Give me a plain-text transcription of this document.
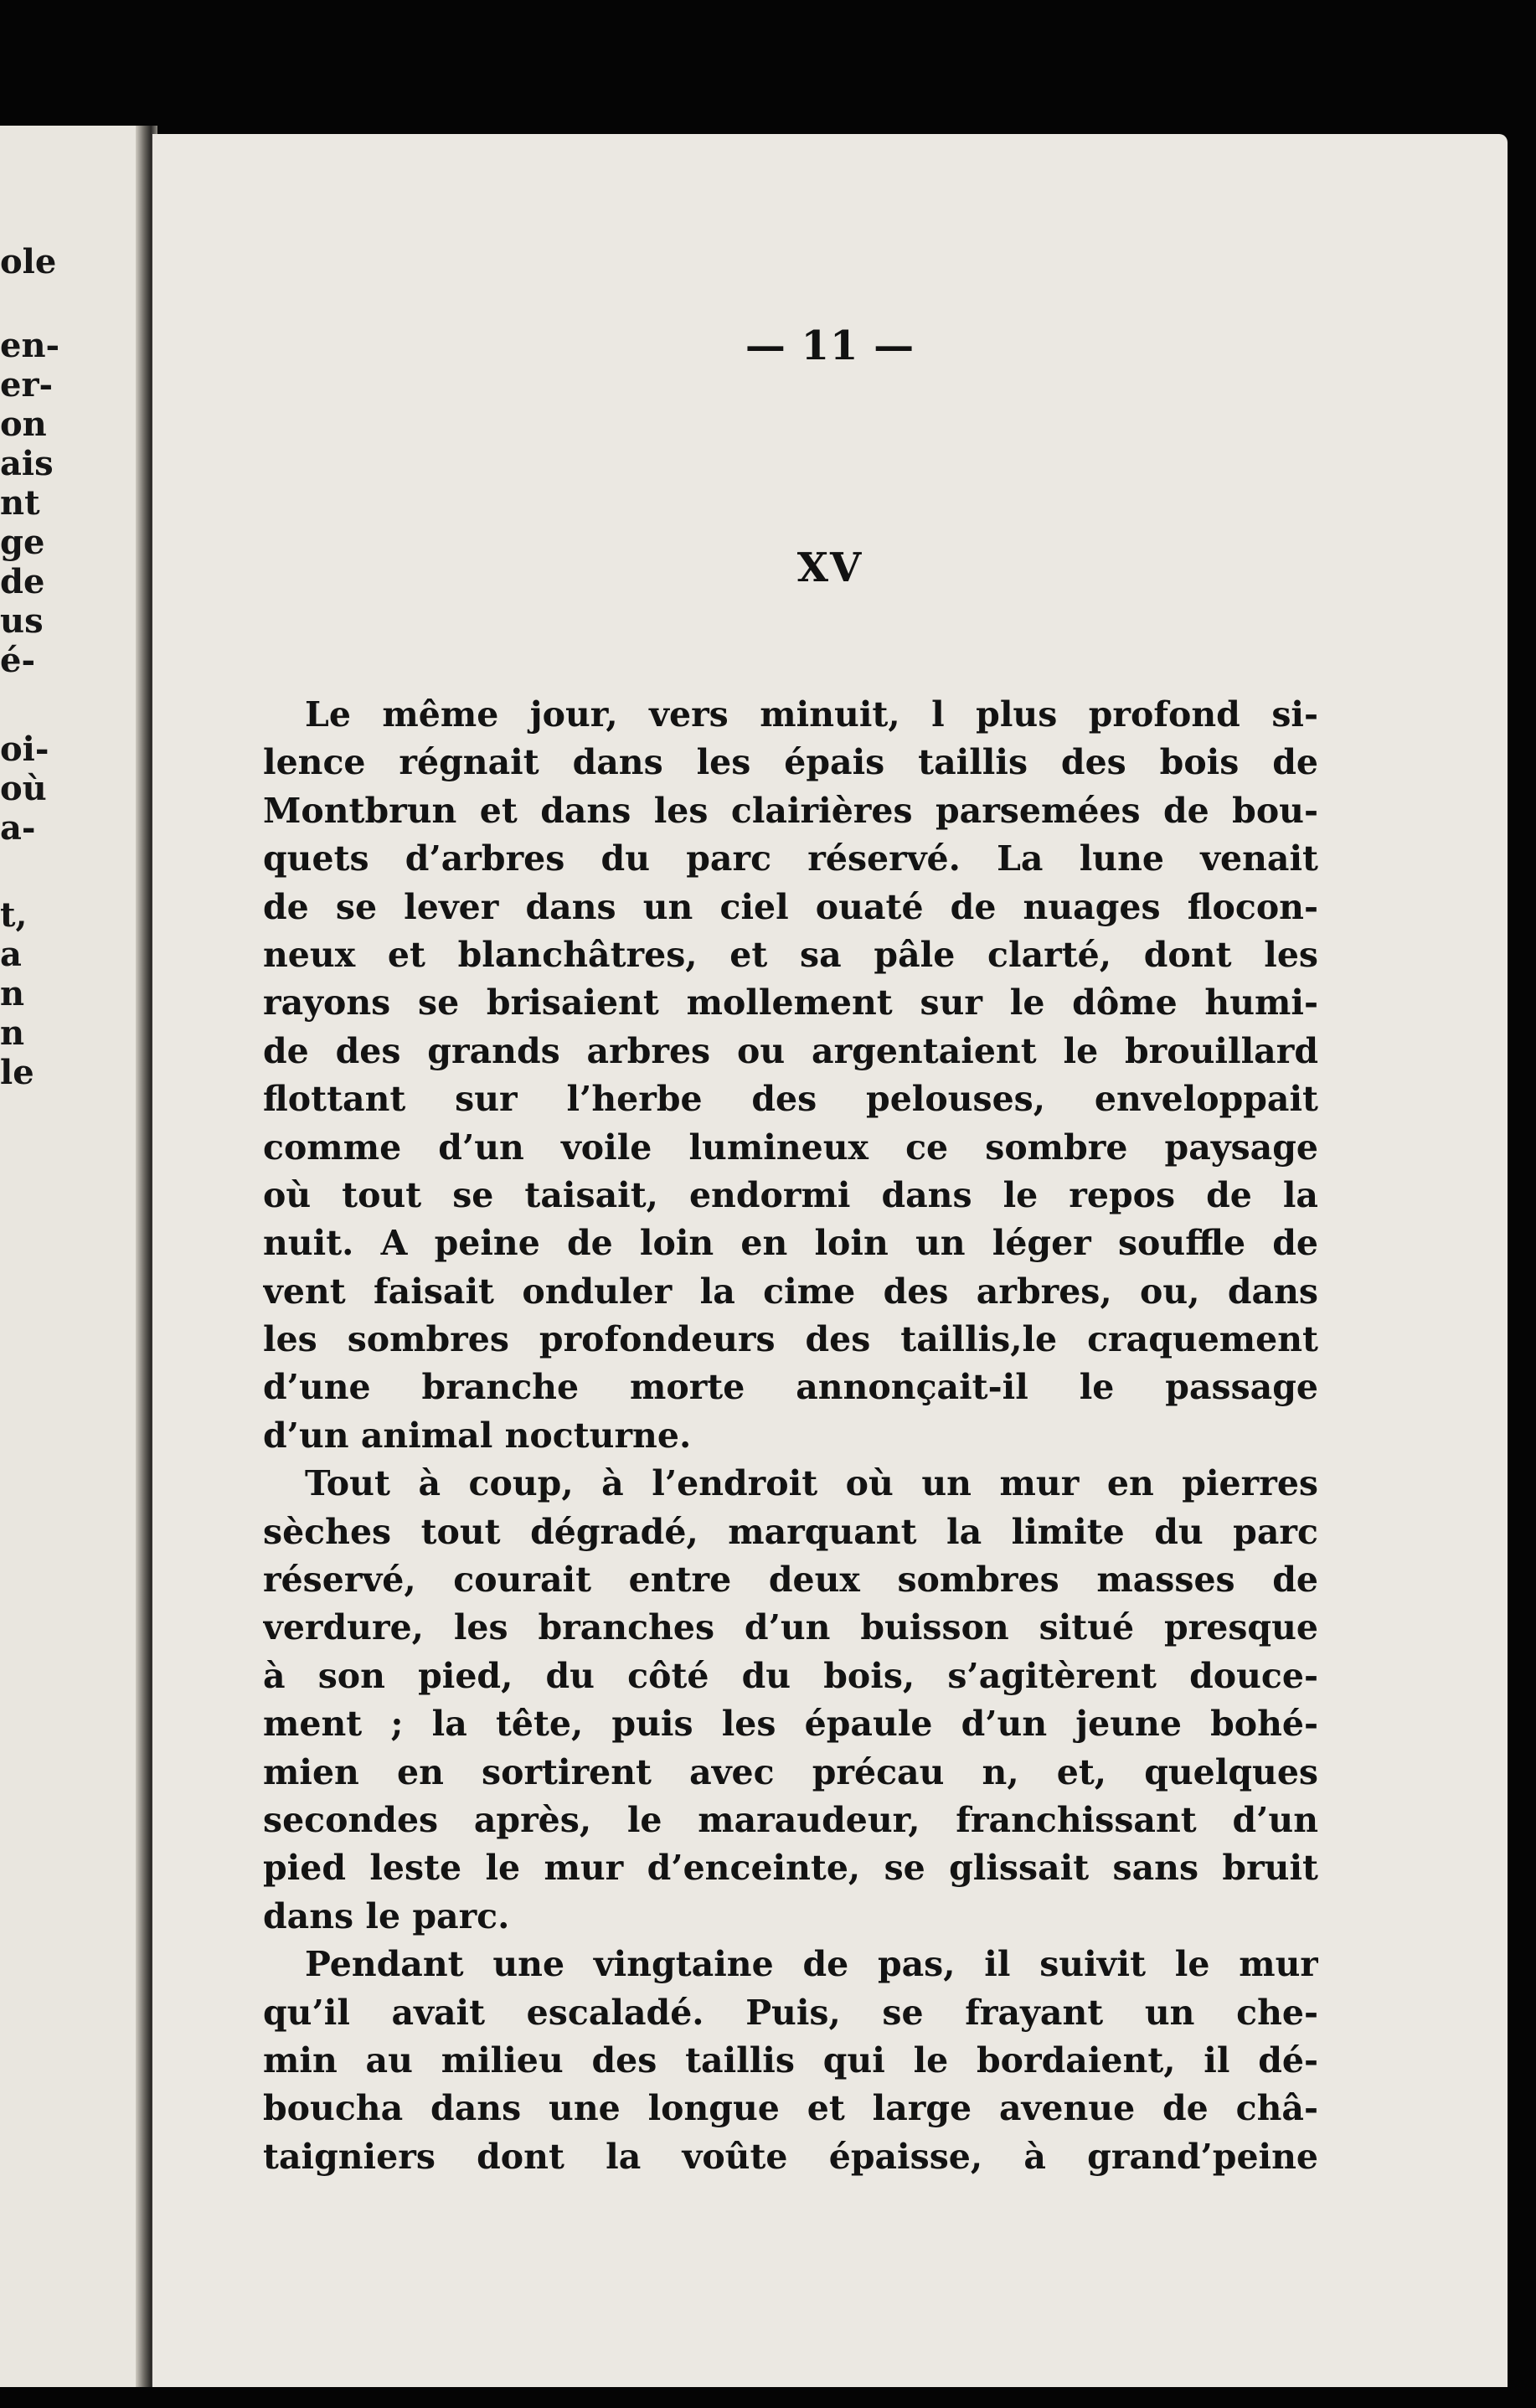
ole
en-
er-
on
ais
nt
ge
de
us
é-
oi-
où
a-
t,
a
n
n
le
— 11 —
XV
Le même jour, vers minuit, l plus profond si-
lence régnait dans les épais taillis des bois de
Montbrun et dans les clairières parsemées de bou-
quets d’arbres du parc réservé. La lune venait
de se lever dans un ciel ouaté de nuages flocon-
neux et blanchâtres, et sa pâle clarté, dont les
rayons se brisaient mollement sur le dôme humi-
de des grands arbres ou argentaient le brouillard
flottant sur l’herbe des pelouses, enveloppait
comme d’un voile lumineux ce sombre paysage
où tout se taisait, endormi dans le repos de la
nuit. A peine de loin en loin un léger souffle de
vent faisait onduler la cime des arbres, ou, dans
les sombres profondeurs des taillis,le craquement
d’une branche morte annonçait-il le passage
d’un animal nocturne.
Tout à coup, à l’endroit où un mur en pierres
sèches tout dégradé, marquant la limite du parc
réservé, courait entre deux sombres masses de
verdure, les branches d’un buisson situé presque
à son pied, du côté du bois, s’agitèrent douce-
ment ; la tête, puis les épaule d’un jeune bohé-
mien en sortirent avec précau n, et, quelques
secondes après, le maraudeur, franchissant d’un
pied leste le mur d’enceinte, se glissait sans bruit
dans le parc.
Pendant une vingtaine de pas, il suivit le mur
qu’il avait escaladé. Puis, se frayant un che-
min au milieu des taillis qui le bordaient, il dé-
boucha dans une longue et large avenue de châ-
taigniers dont la voûte épaisse, à grand’peine
